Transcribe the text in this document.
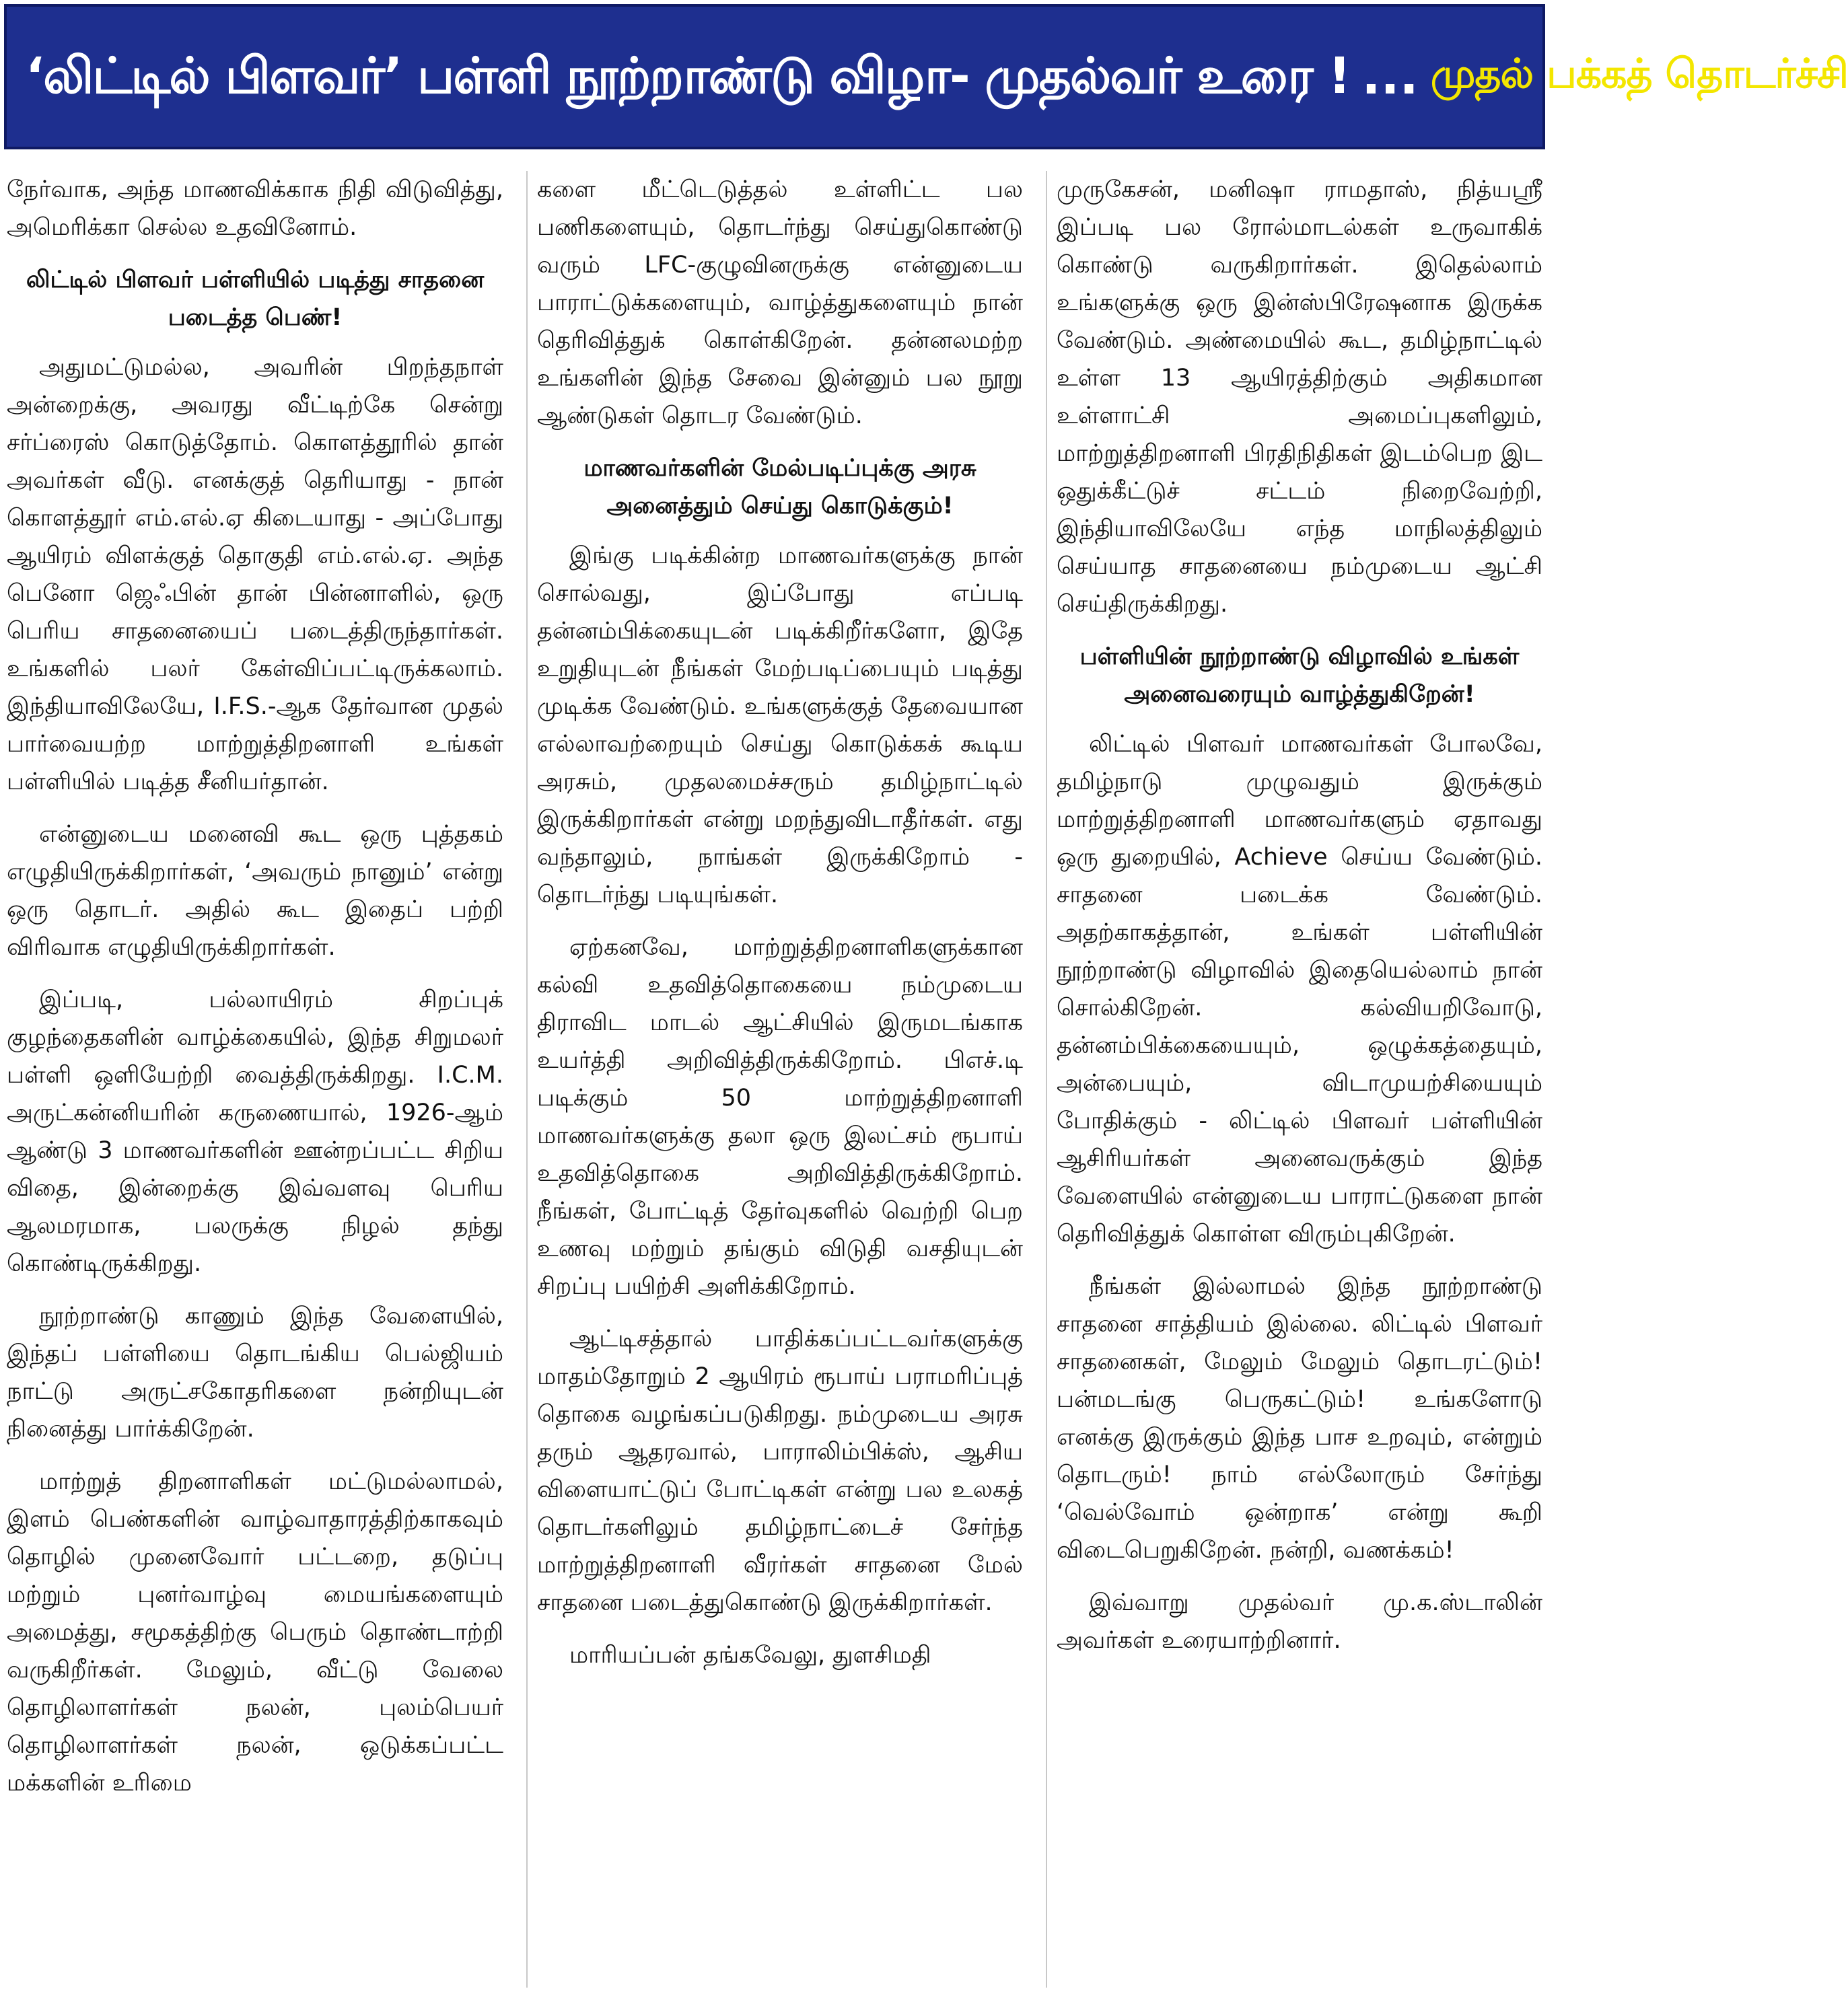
‘லிட்டில் பிளவர்’ பள்ளி நூற்றாண்டு விழா- முதல்வர் உரை ! ... முதல் பக்கத் தொடர்ச்சி

நேர்வாக, அந்த மாணவிக்காக நிதி விடுவித்து, அமெரிக்கா செல்ல உதவினோம்.

லிட்டில் பிளவர் பள்ளியில் படித்து சாதனை படைத்த பெண்!

அதுமட்டுமல்ல, அவரின் பிறந்தநாள் அன்றைக்கு, அவரது வீட்டிற்கே சென்று சர்ப்ரைஸ் கொடுத்தோம். கொளத்தூரில் தான் அவர்கள் வீடு. எனக்குத் தெரியாது - நான் கொளத்தூர் எம்.எல்.ஏ கிடையாது - அப்போது ஆயிரம் விளக்குத் தொகுதி எம்.எல்.ஏ. அந்த பெனோ ஜெஃபின் தான் பின்னாளில், ஒரு பெரிய சாதனையைப் படைத்திருந்தார்கள். உங்களில் பலர் கேள்விப்பட்டிருக்கலாம். இந்தியாவிலேயே, I.F.S.-ஆக தேர்வான முதல் பார்வையற்ற மாற்றுத்திறனாளி உங்கள் பள்ளியில் படித்த சீனியர்தான்.

என்னுடைய மனைவி கூட ஒரு புத்தகம் எழுதியிருக்கிறார்கள், ‘அவரும் நானும்’ என்று ஒரு தொடர். அதில் கூட இதைப் பற்றி விரிவாக எழுதியிருக்கிறார்கள்.

இப்படி, பல்லாயிரம் சிறப்புக் குழந்தைகளின் வாழ்க்கையில், இந்த சிறுமலர் பள்ளி ஒளியேற்றி வைத்திருக்கிறது. I.C.M. அருட்கன்னியரின் கருணையால், 1926-ஆம் ஆண்டு 3 மாணவர்களின் ஊன்றப்பட்ட சிறிய விதை, இன்றைக்கு இவ்வளவு பெரிய ஆலமரமாக, பலருக்கு நிழல் தந்து கொண்டிருக்கிறது.

நூற்றாண்டு காணும் இந்த வேளையில், இந்தப் பள்ளியை தொடங்கிய பெல்ஜியம் நாட்டு அருட்சகோதரிகளை நன்றியுடன் நினைத்து பார்க்கிறேன்.

மாற்றுத் திறனாளிகள் மட்டுமல்லாமல், இளம் பெண்களின் வாழ்வாதாரத்திற்காகவும் தொழில் முனைவோர் பட்டறை, தடுப்பு மற்றும் புனர்வாழ்வு மையங்களையும் அமைத்து, சமூகத்திற்கு பெரும் தொண்டாற்றி வருகிறீர்கள். மேலும், வீட்டு வேலை தொழிலாளர்கள் நலன், புலம்பெயர் தொழிலாளர்கள் நலன், ஒடுக்கப்பட்ட மக்களின் உரிமை

களை மீட்டெடுத்தல் உள்ளிட்ட பல பணிகளையும், தொடர்ந்து செய்துகொண்டு வரும் LFC-குழுவினருக்கு என்னுடைய பாராட்டுக்களையும், வாழ்த்துகளையும் நான் தெரிவித்துக் கொள்கிறேன். தன்னலமற்ற உங்களின் இந்த சேவை இன்னும் பல நூறு ஆண்டுகள் தொடர வேண்டும்.

மாணவர்களின் மேல்படிப்புக்கு அரசு அனைத்தும் செய்து கொடுக்கும்!

இங்கு படிக்கின்ற மாணவர்களுக்கு நான் சொல்வது, இப்போது எப்படி தன்னம்பிக்கையுடன் படிக்கிறீர்களோ, இதே உறுதியுடன் நீங்கள் மேற்படிப்பையும் படித்து முடிக்க வேண்டும். உங்களுக்குத் தேவையான எல்லாவற்றையும் செய்து கொடுக்கக் கூடிய அரசும், முதலமைச்சரும் தமிழ்நாட்டில் இருக்கிறார்கள் என்று மறந்துவிடாதீர்கள். எது வந்தாலும், நாங்கள் இருக்கிறோம் - தொடர்ந்து படியுங்கள்.

ஏற்கனவே, மாற்றுத்திறனாளிகளுக்கான கல்வி உதவித்தொகையை நம்முடைய திராவிட மாடல் ஆட்சியில் இருமடங்காக உயர்த்தி அறிவித்திருக்கிறோம். பிஎச்.டி படிக்கும் 50 மாற்றுத்திறனாளி மாணவர்களுக்கு தலா ஒரு இலட்சம் ரூபாய் உதவித்தொகை அறிவித்திருக்கிறோம். நீங்கள், போட்டித் தேர்வுகளில் வெற்றி பெற உணவு மற்றும் தங்கும் விடுதி வசதியுடன் சிறப்பு பயிற்சி அளிக்கிறோம்.

ஆட்டிசத்தால் பாதிக்கப்பட்டவர்களுக்கு மாதம்தோறும் 2 ஆயிரம் ரூபாய் பராமரிப்புத் தொகை வழங்கப்படுகிறது. நம்முடைய அரசு தரும் ஆதரவால், பாராலிம்பிக்ஸ், ஆசிய விளையாட்டுப் போட்டிகள் என்று பல உலகத் தொடர்களிலும் தமிழ்நாட்டைச் சேர்ந்த மாற்றுத்திறனாளி வீரர்கள் சாதனை மேல் சாதனை படைத்துகொண்டு இருக்கிறார்கள்.

மாரியப்பன் தங்கவேலு, துளசிமதி

முருகேசன், மனிஷா ராமதாஸ், நித்யஸ்ரீ இப்படி பல ரோல்மாடல்கள் உருவாகிக் கொண்டு வருகிறார்கள். இதெல்லாம் உங்களுக்கு ஒரு இன்ஸ்பிரேஷனாக இருக்க வேண்டும். அண்மையில் கூட, தமிழ்நாட்டில் உள்ள 13 ஆயிரத்திற்கும் அதிகமான உள்ளாட்சி அமைப்புகளிலும், மாற்றுத்திறனாளி பிரதிநிதிகள் இடம்பெற இட ஒதுக்கீட்டுச் சட்டம் நிறைவேற்றி, இந்தியாவிலேயே எந்த மாநிலத்திலும் செய்யாத சாதனையை நம்முடைய ஆட்சி செய்திருக்கிறது.

பள்ளியின் நூற்றாண்டு விழாவில் உங்கள் அனைவரையும் வாழ்த்துகிறேன்!

லிட்டில் பிளவர் மாணவர்கள் போலவே, தமிழ்நாடு முழுவதும் இருக்கும் மாற்றுத்திறனாளி மாணவர்களும் ஏதாவது ஒரு துறையில், Achieve செய்ய வேண்டும். சாதனை படைக்க வேண்டும். அதற்காகத்தான், உங்கள் பள்ளியின் நூற்றாண்டு விழாவில் இதையெல்லாம் நான் சொல்கிறேன். கல்வியறிவோடு, தன்னம்பிக்கையையும், ஒழுக்கத்தையும், அன்பையும், விடாமுயற்சியையும் போதிக்கும் - லிட்டில் பிளவர் பள்ளியின் ஆசிரியர்கள் அனைவருக்கும் இந்த வேளையில் என்னுடைய பாராட்டுகளை நான் தெரிவித்துக் கொள்ள விரும்புகிறேன்.

நீங்கள் இல்லாமல் இந்த நூற்றாண்டு சாதனை சாத்தியம் இல்லை. லிட்டில் பிளவர் சாதனைகள், மேலும் மேலும் தொடரட்டும்! பன்மடங்கு பெருகட்டும்! உங்களோடு எனக்கு இருக்கும் இந்த பாச உறவும், என்றும் தொடரும்! நாம் எல்லோரும் சேர்ந்து ‘வெல்வோம் ஒன்றாக’ என்று கூறி விடைபெறுகிறேன். நன்றி, வணக்கம்!

இவ்வாறு முதல்வர் மு.க.ஸ்டாலின் அவர்கள் உரையாற்றினார்.
